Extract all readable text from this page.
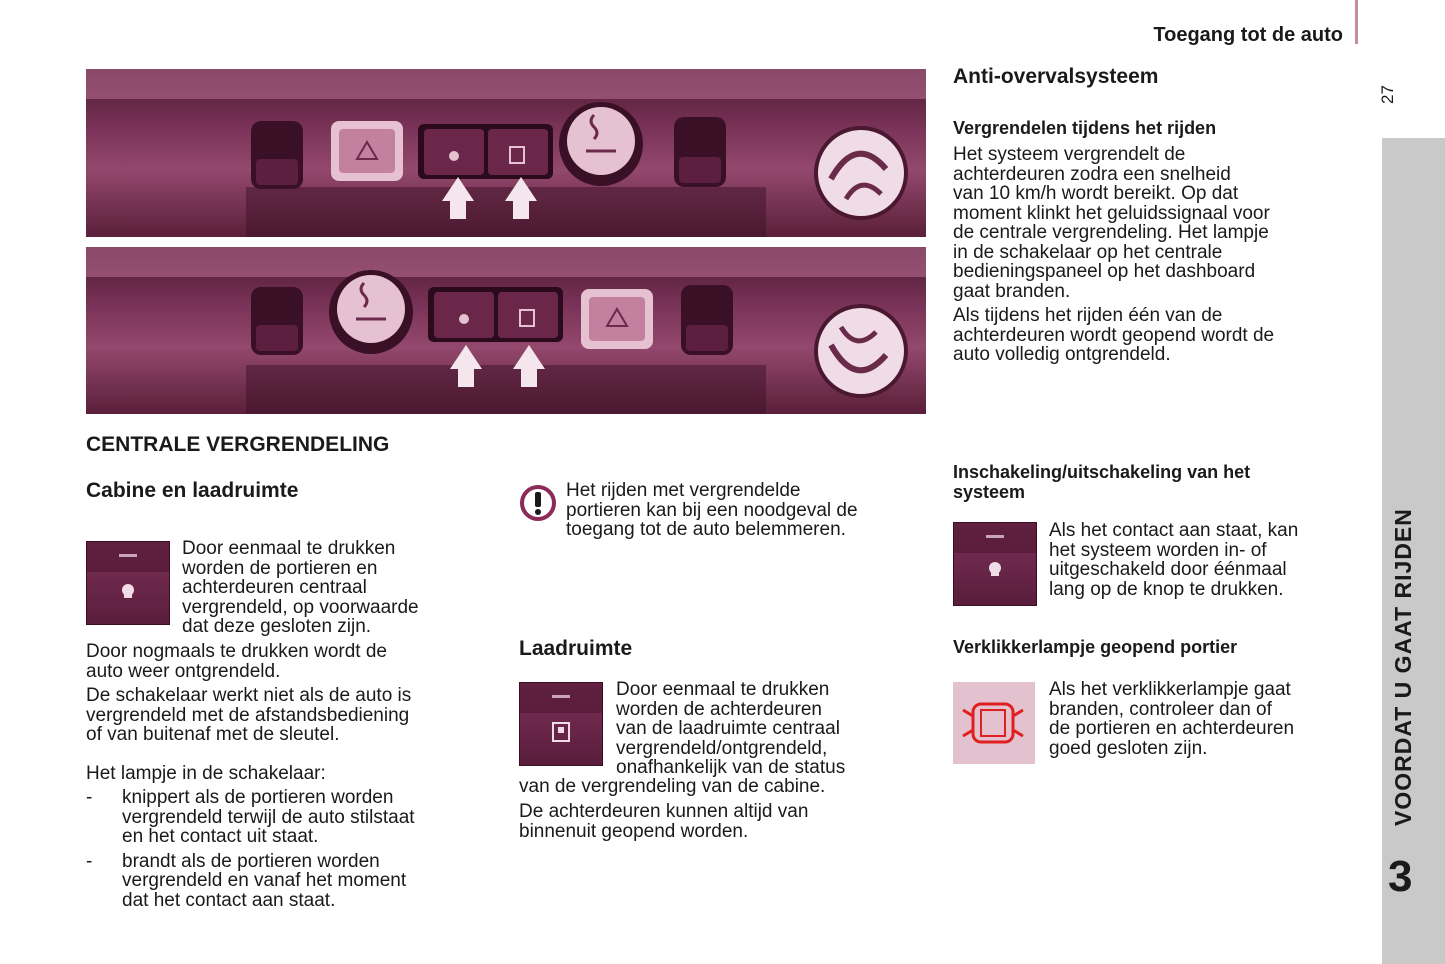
Toegang tot de auto
27
VOORDAT U GAAT RIJDEN
3
CENTRALE VERGRENDELING
Cabine en laadruimte

Door eenmaal te drukken

worden de portieren en

achterdeuren centraal

vergrendeld, op voorwaarde

dat deze gesloten zijn.

Door nogmaals te drukken wordt de

auto weer ontgrendeld.

De schakelaar werkt niet als de auto is

vergrendeld met de afstandsbediening

of van buitenaf met de sleutel.

Het lampje in de schakelaar:
- knippert als de portieren worden

vergrendeld terwijl de auto stilstaat

en het contact uit staat.

- brandt als de portieren worden

vergrendeld en vanaf het moment

dat het contact aan staat.

Het rijden met vergrendelde

portieren kan bij een noodgeval de

toegang tot de auto belemmeren.

Laadruimte

Door eenmaal te drukken

worden de achterdeuren

van de laadruimte centraal

vergrendeld/ontgrendeld,

onafhankelijk van de status

van de vergrendeling van de cabine.

De achterdeuren kunnen altijd van

binnenuit geopend worden.

Anti-overvalsysteem
Vergrendelen tijdens het rijden

Het systeem vergrendelt de

achterdeuren zodra een snelheid

van 10 km/h wordt bereikt. Op dat

moment klinkt het geluidssignaal voor

de centrale vergrendeling. Het lampje

in de schakelaar op het centrale

bedieningspaneel op het dashboard

gaat branden.

Als tijdens het rijden één van de

achterdeuren wordt geopend wordt de

auto volledig ontgrendeld.

Inschakeling/uitschakeling van het
systeem

Als het contact aan staat, kan

het systeem worden in- of

uitgeschakeld door éénmaal

lang op de knop te drukken.

Verklikkerlampje geopend portier

Als het verklikkerlampje gaat

branden, controleer dan of

de portieren en achterdeuren

goed gesloten zijn.
